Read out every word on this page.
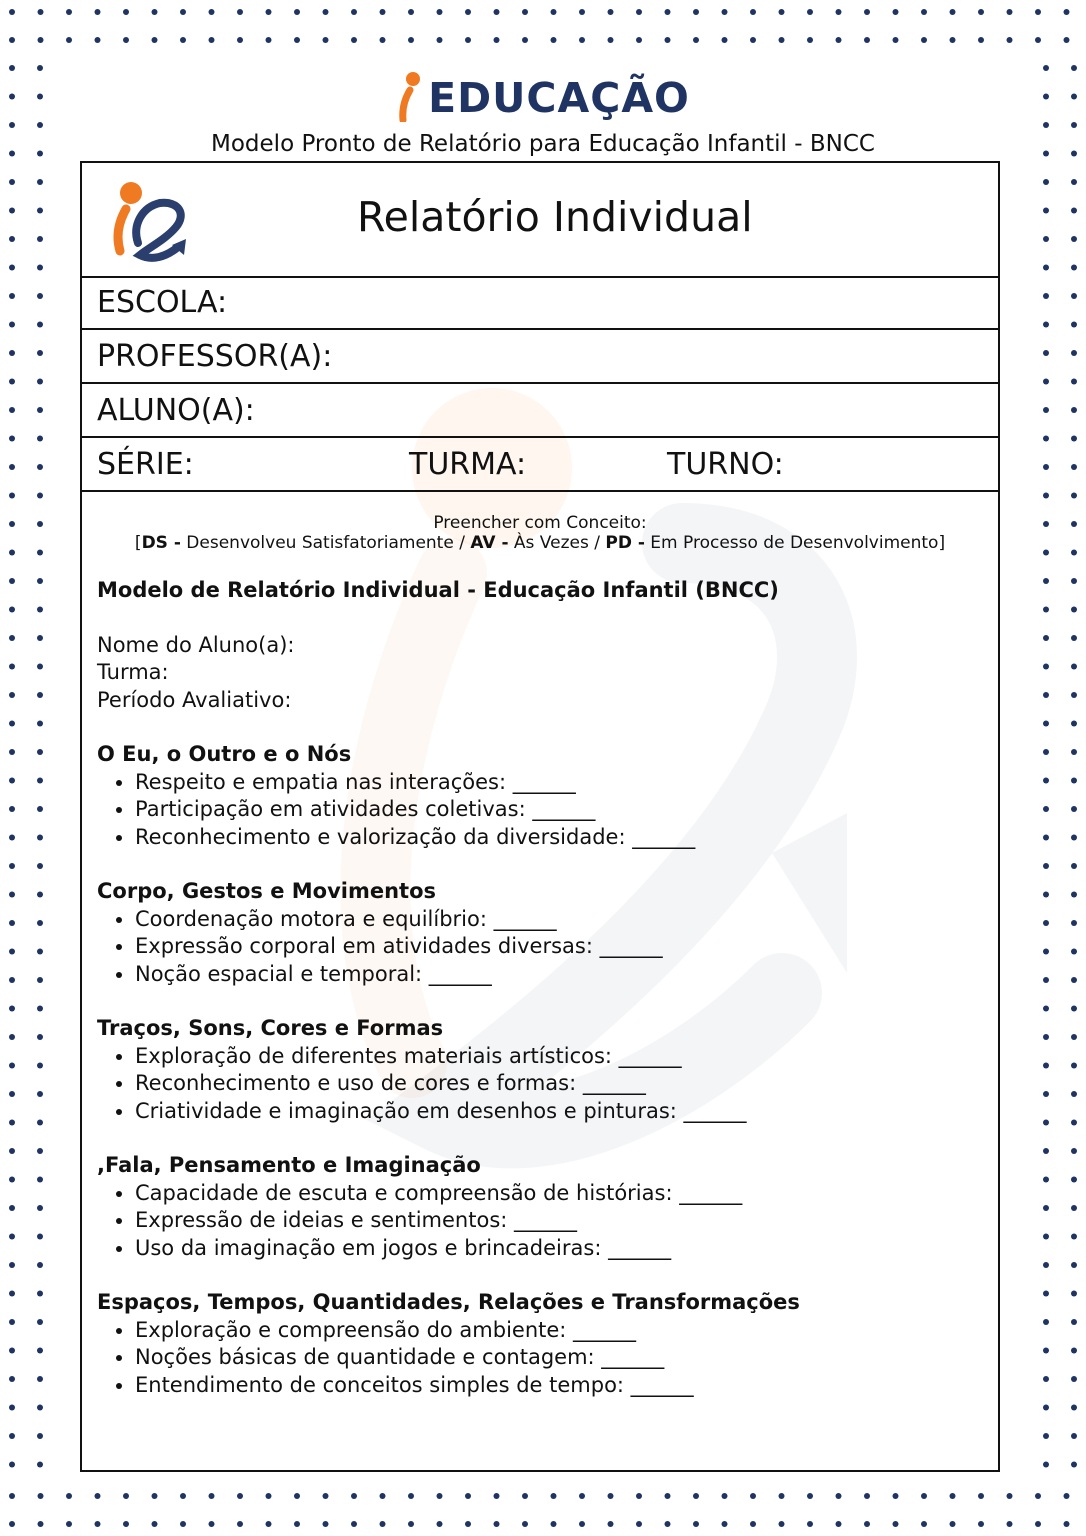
EDUCAÇÃO
Modelo Pronto de Relatório para Educação Infantil - BNCC
Relatório Individual
ESCOLA:
PROFESSOR(A):
ALUNO(A):
SÉRIE:	TURMA:	TURNO:
Preencher com Conceito:
[DS - Desenvolveu Satisfatoriamente / AV - Às Vezes / PD - Em Processo de Desenvolvimento]
Modelo de Relatório Individual - Educação Infantil (BNCC)
Nome do Aluno(a):
Turma:
Período Avaliativo:
O Eu, o Outro e o Nós
• Respeito e empatia nas interações: ______
• Participação em atividades coletivas: ______
• Reconhecimento e valorização da diversidade: ______
Corpo, Gestos e Movimentos
• Coordenação motora e equilíbrio: ______
• Expressão corporal em atividades diversas: ______
• Noção espacial e temporal: ______
Traços, Sons, Cores e Formas
• Exploração de diferentes materiais artísticos: ______
• Reconhecimento e uso de cores e formas: ______
• Criatividade e imaginação em desenhos e pinturas: ______
,Fala, Pensamento e Imaginação
• Capacidade de escuta e compreensão de histórias: ______
• Expressão de ideias e sentimentos: ______
• Uso da imaginação em jogos e brincadeiras: ______
Espaços, Tempos, Quantidades, Relações e Transformações
• Exploração e compreensão do ambiente: ______
• Noções básicas de quantidade e contagem: ______
• Entendimento de conceitos simples de tempo: ______
